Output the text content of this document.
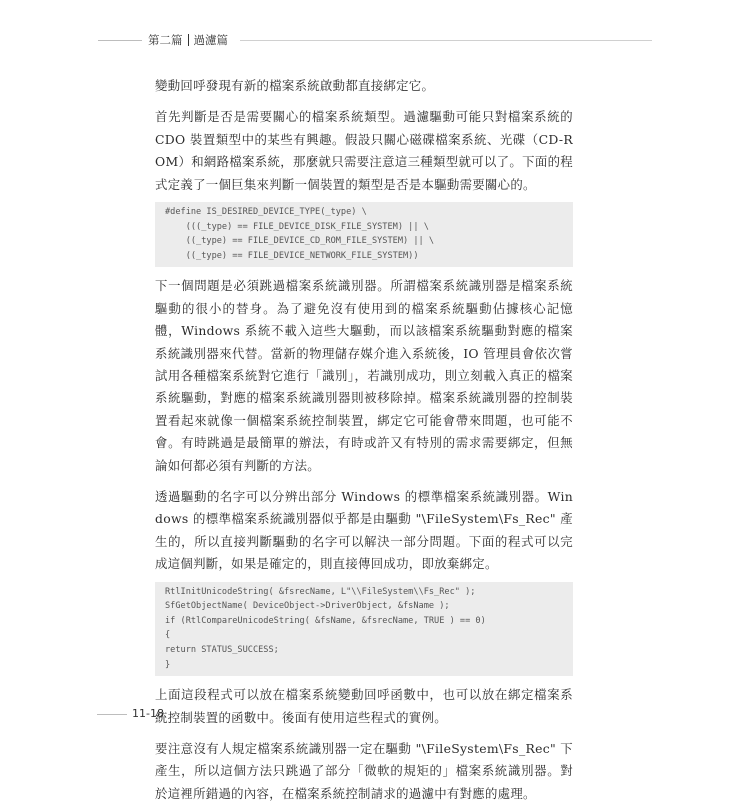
第二篇 過濾篇

變動回呼發現有新的檔案系統啟動都直接綁定它。

首先判斷是否是需要關心的檔案系統類型。過濾驅動可能只對檔案系統的 CDO 裝置類型中的某些有興趣。假設只關心磁碟檔案系統、光碟（CD-ROM）和網路檔案系統，那麼就只需要注意這三種類型就可以了。下面的程式定義了一個巨集來判斷一個裝置的類型是否是本驅動需要關心的。

#define IS_DESIRED_DEVICE_TYPE(_type) \
(((_type) == FILE_DEVICE_DISK_FILE_SYSTEM) || \
((_type) == FILE_DEVICE_CD_ROM_FILE_SYSTEM) || \
((_type) == FILE_DEVICE_NETWORK_FILE_SYSTEM))

下一個問題是必須跳過檔案系統識別器。所謂檔案系統識別器是檔案系統驅動的很小的替身。為了避免沒有使用到的檔案系統驅動佔據核心記憶體，Windows 系統不載入這些大驅動，而以該檔案系統驅動對應的檔案系統識別器來代替。當新的物理儲存媒介進入系統後，IO 管理員會依次嘗試用各種檔案系統對它進行「識別」，若識別成功，則立刻載入真正的檔案系統驅動，對應的檔案系統識別器則被移除掉。檔案系統識別器的控制裝置看起來就像一個檔案系統控制裝置，綁定它可能會帶來問題，也可能不會。有時跳過是最簡單的辦法，有時或許又有特別的需求需要綁定，但無論如何都必須有判斷的方法。

透過驅動的名字可以分辨出部分 Windows 的標準檔案系統識別器。Windows 的標準檔案系統識別器似乎都是由驅動 "\FileSystem\Fs_Rec" 產生的，所以直接判斷驅動的名字可以解決一部分問題。下面的程式可以完成這個判斷，如果是確定的，則直接傳回成功，即放棄綁定。

RtlInitUnicodeString( &fsrecName, L"\\FileSystem\\Fs_Rec" );
SfGetObjectName( DeviceObject->DriverObject, &fsName );
if (RtlCompareUnicodeString( &fsName, &fsrecName, TRUE ) == 0)
{
return STATUS_SUCCESS;
}

上面這段程式可以放在檔案系統變動回呼函數中，也可以放在綁定檔案系統控制裝置的函數中。後面有使用這些程式的實例。

要注意沒有人規定檔案系統識別器一定在驅動 "\FileSystem\Fs_Rec" 下產生，所以這個方法只跳過了部分「微軟的規矩的」檔案系統識別器。對於這裡所錯過的內容，在檔案系統控制請求的過濾中有對應的處理。

11-18
